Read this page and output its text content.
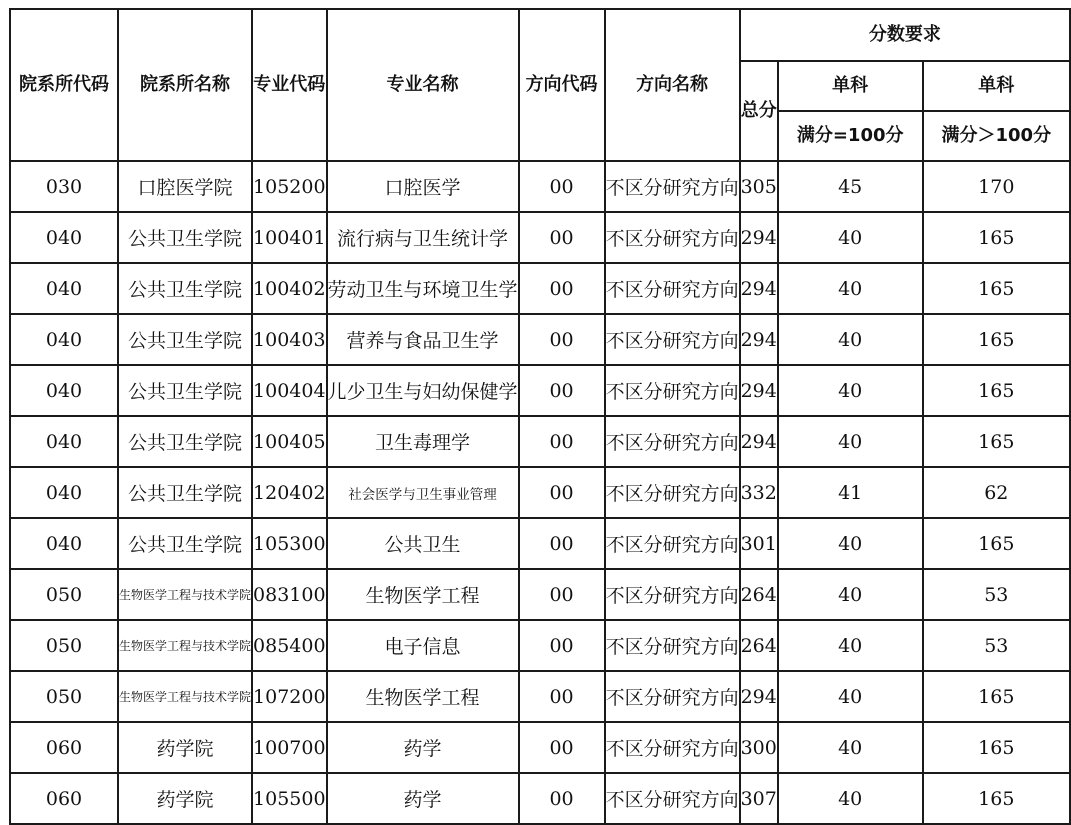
院系所代码	院系所名称	专业代码	专业名称	方向代码	方向名称	分数要求		
						总分	单科	单科
							满分=100分	满分＞100分
030	口腔医学院	105200	口腔医学	00	不区分研究方向	305	45	170
040	公共卫生学院	100401	流行病与卫生统计学	00	不区分研究方向	294	40	165
040	公共卫生学院	100402	劳动卫生与环境卫生学	00	不区分研究方向	294	40	165
040	公共卫生学院	100403	营养与食品卫生学	00	不区分研究方向	294	40	165
040	公共卫生学院	100404	儿少卫生与妇幼保健学	00	不区分研究方向	294	40	165
040	公共卫生学院	100405	卫生毒理学	00	不区分研究方向	294	40	165
040	公共卫生学院	120402	社会医学与卫生事业管理	00	不区分研究方向	332	41	62
040	公共卫生学院	105300	公共卫生	00	不区分研究方向	301	40	165
050	生物医学工程与技术学院	083100	生物医学工程	00	不区分研究方向	264	40	53
050	生物医学工程与技术学院	085400	电子信息	00	不区分研究方向	264	40	53
050	生物医学工程与技术学院	107200	生物医学工程	00	不区分研究方向	294	40	165
060	药学院	100700	药学	00	不区分研究方向	300	40	165
060	药学院	105500	药学	00	不区分研究方向	307	40	165
